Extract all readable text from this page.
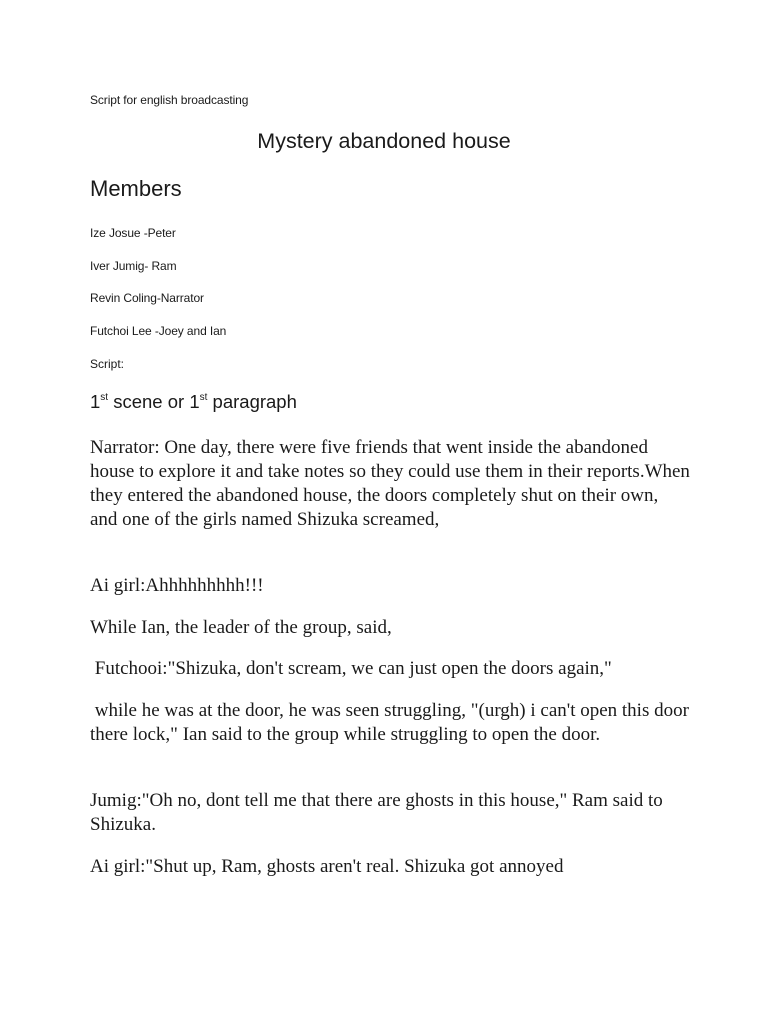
Script for english broadcasting
Mystery abandoned house
Members
Ize Josue -Peter
Iver Jumig- Ram
Revin Coling-Narrator
Futchoi Lee -Joey and Ian
Script:
1st scene or 1st paragraph

Narrator: One day, there were five friends that went inside the abandoned house to explore it and take notes so they could use them in their reports.When they entered the abandoned house, the doors completely shut on their own, and one of the girls named Shizuka screamed,

Ai girl:Ahhhhhhhhh!!!

While Ian, the leader of the group, said,

Futchooi:"Shizuka, don't scream, we can just open the doors again,"

while he was at the door, he was seen struggling, "(urgh) i can't open this door there lock," Ian said to the group while struggling to open the door.

Jumig:"Oh no, dont tell me that there are ghosts in this house," Ram said to Shizuka.

Ai girl:"Shut up, Ram, ghosts aren't real. Shizuka got annoyed
